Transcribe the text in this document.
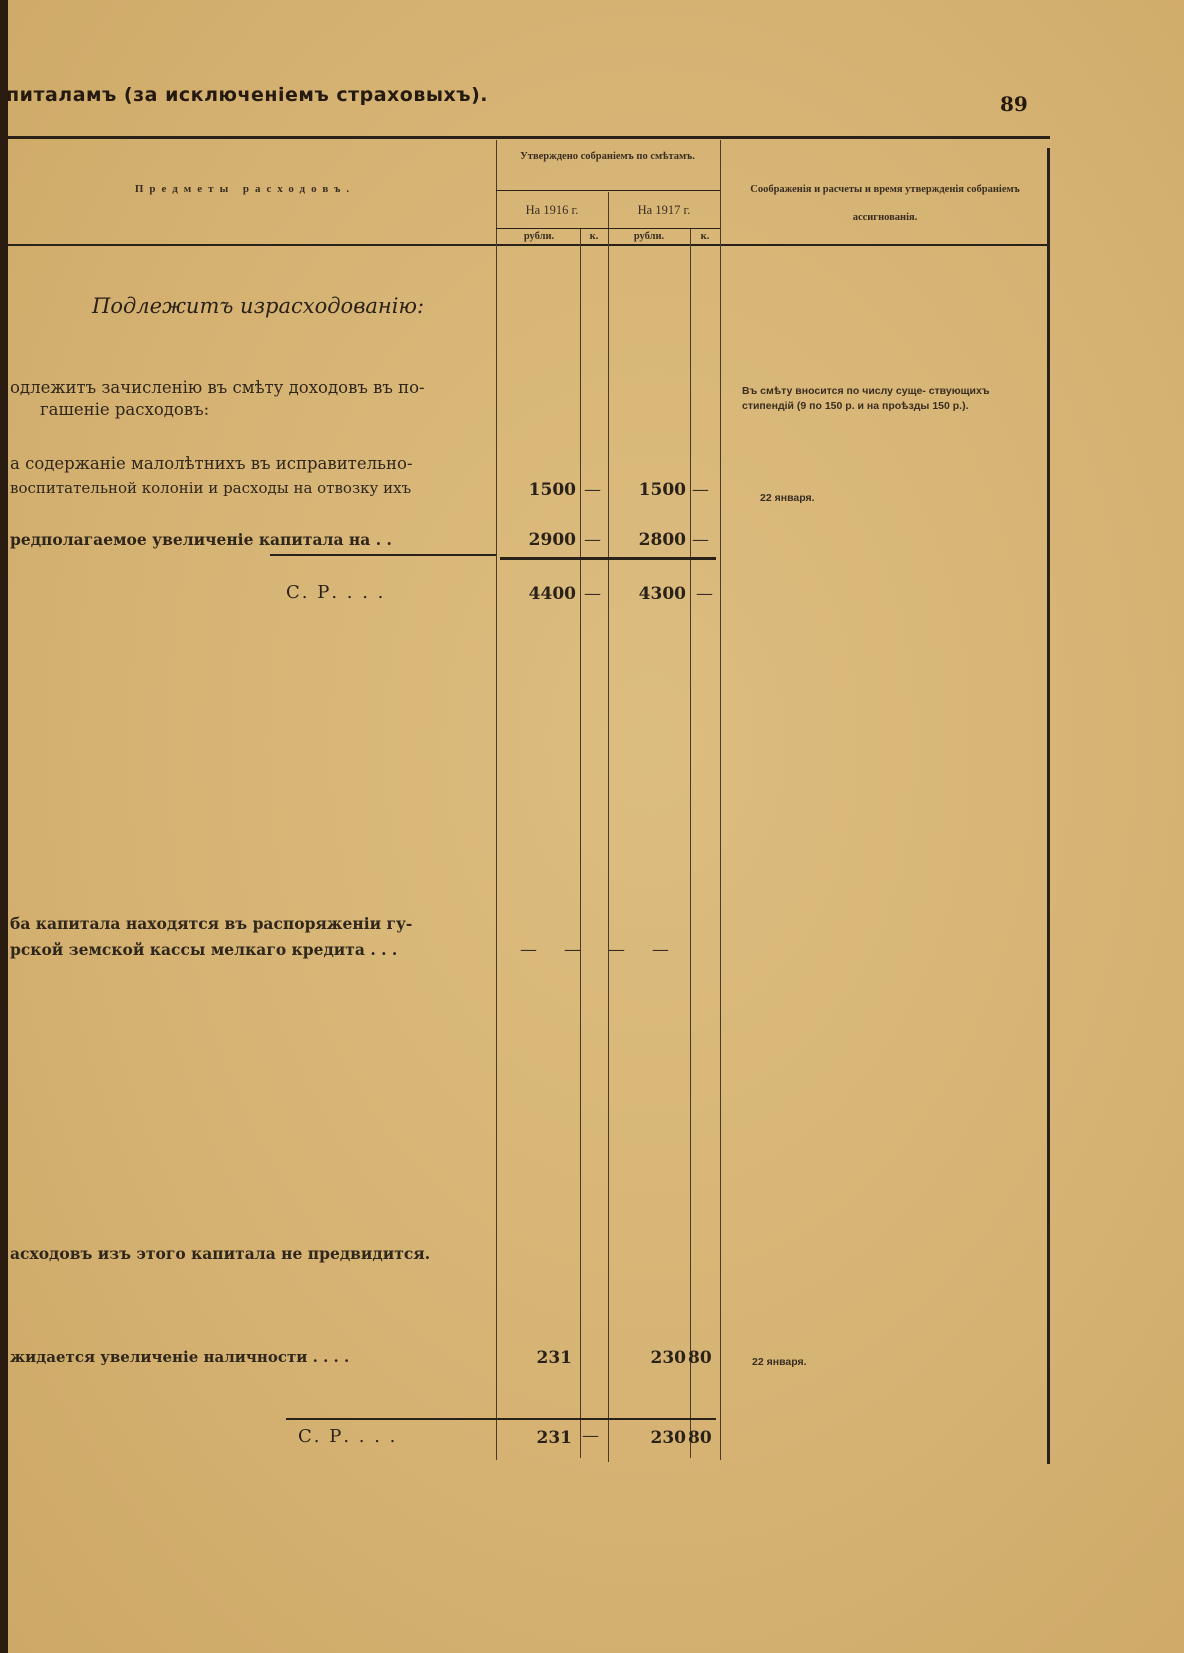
питаламъ (за исключеніемъ страховыхъ).	89
Предметы расходовъ.
Утверждено собраніемъ по смѣтамъ.
На 1916 г.	На 1917 г.
рубли.	к.	рубли.	к.
Соображенія и расчеты и время утвержденія собраніемъ ассигнованія.
Подлежитъ израсходованію:
одлежитъ зачисленію въ смѣту доходовъ въ по-
гашеніе расходовъ:
Въ смѣту вносится по числу суще- ствующихъ стипендій (9 по 150 р. и на проѣзды 150 р.).
а содержаніе малолѣтнихъ въ исправительно-
воспитательной колоніи и расходы на отвозку ихъ	1500 —	1500 —	22 января.
редполагаемое увеличеніе капитала на . .	2900 —	2800 —
С. Р. . . .	4400 —	4300 —
ба капитала находятся въ распоряженіи гу-
рской земской кассы мелкаго кредита . . .	—     —     —     —
асходовъ изъ этого капитала не предвидится.
жидается увеличеніе наличности . . . .	231	230 80	22 января.
С. Р. . . .	231 —	230 80
